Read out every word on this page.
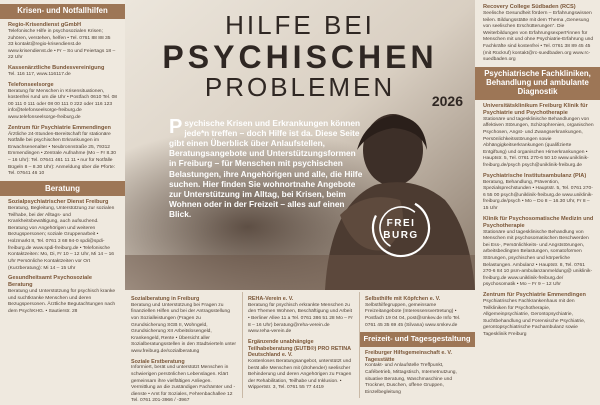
Krisen- und Notfallhilfen
Regio-Krisendienst gGmbH

Telefonische Hilfe in psychosozialen Krisen; zuhören, verstehen, helfen • Tel. 0761 88 88 35 33 kontakt@regio-krisendienst.de www.krisendienst.de • Fr – So und Feiertags 18 – 22 Uhr

Kassenärztliche Bundesvereinigung

Tel. 116 117, www.116117.de

Telefonseelsorge

Beratung für Menschen in Krisensituationen, kostenfrei rund um die Uhr • Postfach 0610 Tel. 08 00 111 0 111 oder 08 00 111 0 222 oder 116 123 info@telefonseelsorge-freiburg.de www.telefonseelsorge-freiburg.de

Zentrum für Psychiatrie Emmendingen

Ärztliche 24-Stunden-Bereitschaft für stationäre Notfälle bei psychischen Erkrankungen im Erwachsenenalter • Neubronnstraße 25, 79312 Emmendingen • Zentrale Aufnahme (Mo – Fr 8.30 – 16 Uhr): Tel. 07641 461 11 11 • nur für Notfälle Bügeln 8 – 8.30 Uhr): Anmeldung über die Pforte: Tel. 07641 46 10

Beratung
Sozialpsychiatrischer Dienst Freiburg

Beratung, Begleitung, Unterstützung zur sozialen Teilhabe, bei der Alltags- und Krankheitsbewältigung, auch aufsuchend. Beratung von Angehörigen und weiteren Bezugspersonen; soziale Gruppenarbeit • Holzmarkt 8, Tel. 0761 3 68 94-0 spdi@spdi-freiburg.de www.spdi-freiburg.de • Telefonische Kontaktzeiten: Mo, Di, Fr 10 – 12 Uhr, Mi 14 – 16 Uhr Persönliche Kontaktzeiten vor Ort (Kurzberatung): Mi 14 – 15 Uhr

Gesundheitsamt Psychosoziale Beratung

Beratung und Unterstützung für psychisch kranke und suchtkranke Menschen und deren Bezugspersonen. Ärztliche Begutachtungen nach dem PsychKHG. • Sautierstr. 28

HILFE BEI
PSYCHISCHEN
PROBLEMEN	2026
Psychische Krisen und Erkrankungen können jede*n treffen – doch Hilfe ist da. Diese Seite gibt einen Überblick über Anlaufstellen, Beratungsangebote und Unterstützungsformen in Freiburg – für Menschen mit psychischen Belastungen, ihre Angehörigen und alle, die Hilfe suchen. Hier finden Sie wohnortnahe Angebote zur Unterstützung im Alltag, bei Krisen, beim Wohnen oder in der Freizeit – alles auf einen Blick.
FREI
BURG
Sozialberatung in Freiburg

Beratung und Unterstützung bei Fragen zu finanziellen Hilfen und bei der Antragsstellung von Sozialleistungen (Fragen zu Grundsicherung SGB II, Wohngeld, Grundsicherung XII Arbeitslosengeld, Krankengeld, Rente • Übersicht aller Sozialberatungsstellen in den Stadtvierteln unter www.freiburg.de/sozialberatung

Soziale Erstberatung

Informiert, berät und unterstützt Menschen in schwierigen persönlichen Lebenslagen. Klärt gemeinsam ihre vielfältigen Anliegen. Vermittlung an die zuständigen Fachämter und -dienste • Amt für Soziales, Fehrenbachallee 12 Tel. 0761 201-3966 / -3967

REHA-Verein e. V.

Beratung für psychisch erkrankte Menschen zu den Themen Wohnen, Beschäftigung und Arbeit • Berliner Allee 11 a Tel. 0761 386 51 28 Mo – Fr 8 – 16 Uhr) beratung@reha-verein.de www.reha-verein.de

Ergänzende unabhängige Teilhabeberatung (EUTB®) PRO RETINA Deutschland e. V.

Kostenloses Beratungsangebot, unterstützt und berät alle Menschen mit (drohender) seelischer Behinderung und deren Angehörigen zu Fragen der Rehabilitation, Teilhabe und Inklusion. • Wippertstr. 3, Tel. 0761 55 77 4419

Selbsthilfe mit Köpfchen e. V.

Selbsthilfegruppen, gemeinsame Freizeitangebote (Interessensvertretung) • Postfach 19 04 04, post@smkev.de Info Tel. 0761 45 35 69 45 (Silvana) www.smkev.de

Freizeit- und Tagesgestaltung
Freiburger Hilfsgemeinschaft e. V. Tagesstätte

Kontakt- und Anlaufstelle Treffpunkt, Cafébetrieb, Mittagstisch, Internetnutzung, situative Beratung, Waschmaschine und Trockner, Duschen, offene Gruppen, Einzelbegleitung

Recovery College Südbaden (RCS)

Seelische Gesundheit fördern – Erfahrungswissen teilen. Bildungsstätte mit dem Thema „Genesung von seelischen Erschütterungen“. Die Weiterbildungen von Erfahrungsexpert*innen für Menschen mit und ohne Psychiatrie-Erfahrung und Fachkräfte sind kostenfrei • Tel. 0761 38 89 45 45 (mit Rückruf) kontakt@rc-suedbaden.org www.rc-suedbaden.org

Psychiatrische Fachkliniken, Behandlung und ambulante Diagnostik
Universitätsklinikum Freiburg Klinik für Psychiatrie und Psychotherapie

Stationäre und tagesklinische Behandlungen von affektiven Störungen, Schizophrenien, organischen Psychosen, Angst- und Zwangserkrankungen, Persönlichkeitsstörungen sowie Abhängigkeitserkrankungen (qualifizierte Entgiftung) und organischen Hirnerkrankungen • Hauptstr. 5, Tel. 0761 270-6 50 10 www.uniklinik-freiburg.de/psych psych@uniklinik-freiburg.de

Psychiatrische Institutsambulanz (PIA)

Beratung, Behandlung, Prävention, Spezialsprechstunden • Hauptstr. 5, Tel. 0761 270-6 55 00 psych@uniklinik-freiburg.de www.uniklinik-freiburg.de/psych • Mo – Do 8 – 16.30 Uhr, Fr 8 – 15 Uhr

Klinik für Psychosomatische Medizin und Psychotherapie

Stationäre und tagesklinische Behandlung von Menschen mit psychosomatischen Beschwerden bei Ess-, Persönlichkeits- und Angststörungen, arbeitsbedingten Belastungen, somatoformen Störungen, psychischen und körperliche Belastungen. Ambulanz • Hauptstr. 8, Tel. 0761 270-6 84 10 psm-ambulanzanmeldung@ uniklinik-freiburg.de www.uniklinik-freiburg.de/ psychosomatik • Mo – Fr 9 – 12 Uhr

Zentrum für Psychiatrie Emmendingen

Psychiatrisches Fachkrankenhaus mit den Teilkliniken für Psychotherapie, Allgemeinpsychiatrie, Gerontopsychiatrie, Suchtbehandlung und Forensische Psychiatrie, gerontopsychiatrische Fachambulanz sowie Tagesklinik Freiburg
